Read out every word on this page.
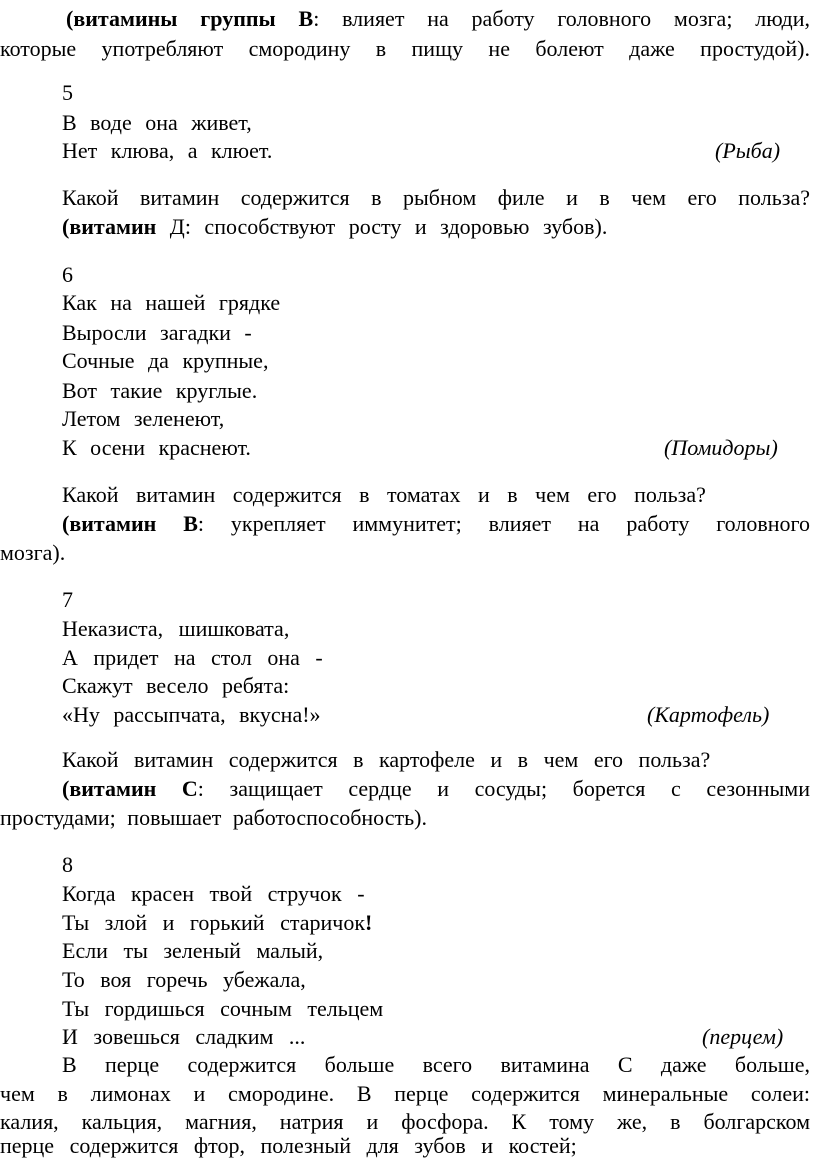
(витамины группы В: влияет на работу головного мозга; люди,
которые употребляют смородину в пищу не болеют даже простудой).
5
В воде она живет,
Нет клюва, а клюет.	(Рыба)
Какой витамин содержится в рыбном филе и в чем его польза?
(витамин Д: способствуют росту и здоровью зубов).
6
Как на нашей грядке
Выросли загадки -
Сочные да крупные,
Вот такие круглые.
Летом зеленеют,
К осени краснеют.	(Помидоры)
Какой витамин содержится в томатах и в чем его польза?
(витамин В: укрепляет иммунитет; влияет на работу головного
мозга).
7
Неказиста, шишковата,
А придет на стол она -
Скажут весело ребята:
«Ну рассыпчата, вкусна!»	(Картофель)
Какой витамин содержится в картофеле и в чем его польза?
(витамин С: защищает сердце и сосуды; борется с сезонными
простудами; повышает работоспособность).
8
Когда красен твой стручок -
Ты злой и горький старичок!
Если ты зеленый малый,
То воя горечь убежала,
Ты гордишься сочным тельцем
И зовешься сладким ...	(перцем)
В перце содержится больше всего витамина С даже больше,
чем в лимонах и смородине. В перце содержится минеральные солеи:
калия, кальция, магния, натрия и фосфора. К тому же, в болгарском
перце содержится фтор, полезный для зубов и костей;
